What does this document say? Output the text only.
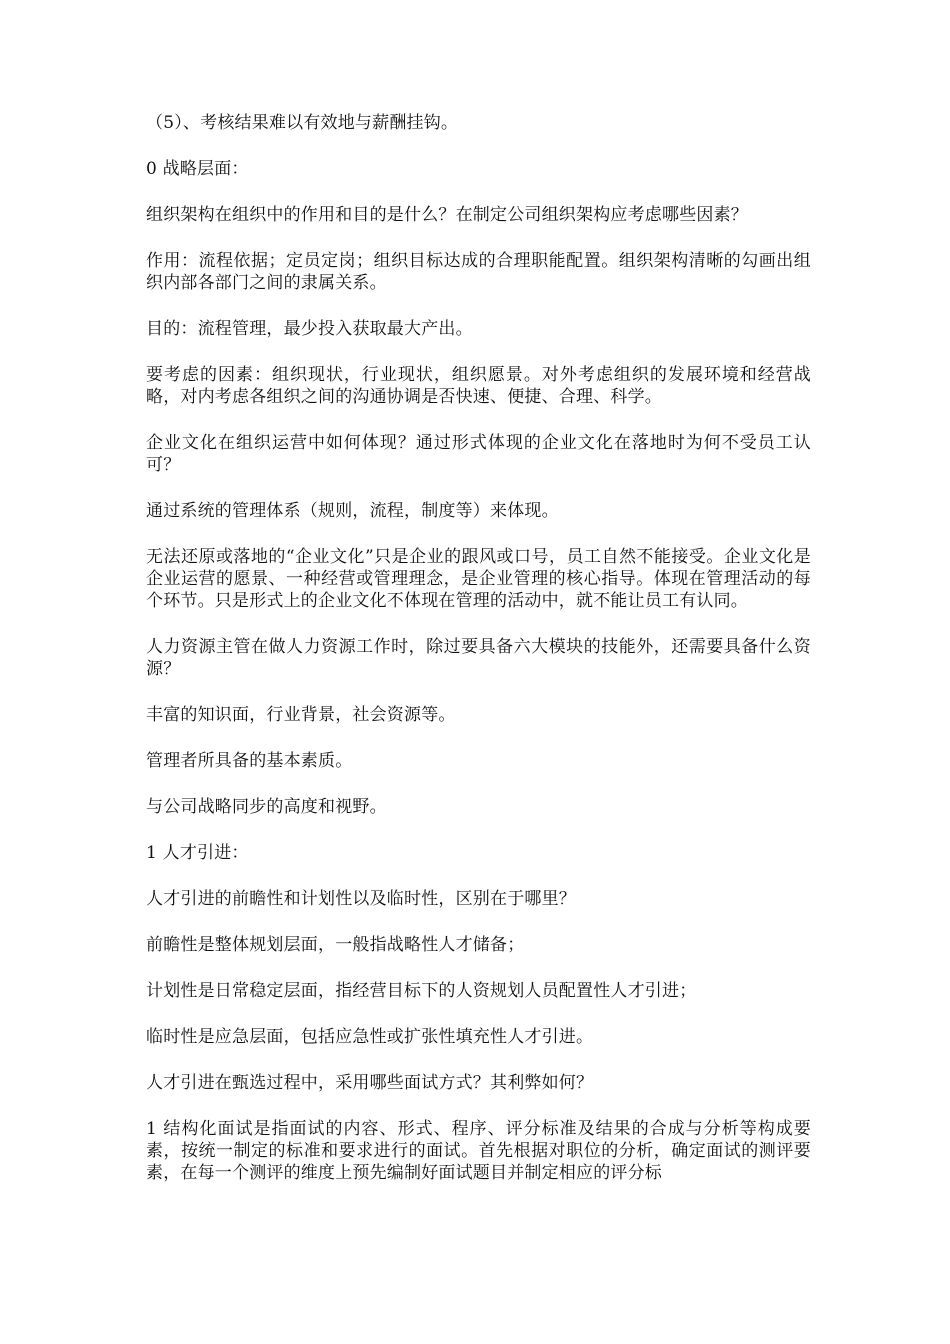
（5）、考核结果难以有效地与薪酬挂钩。

0 战略层面：

组织架构在组织中的作用和目的是什么？在制定公司组织架构应考虑哪些因素？

作用：流程依据；定员定岗；组织目标达成的合理职能配置。组织架构清晰的勾画出组织内部各部门之间的隶属关系。

目的：流程管理，最少投入获取最大产出。

要考虑的因素：组织现状，行业现状，组织愿景。对外考虑组织的发展环境和经营战略，对内考虑各组织之间的沟通协调是否快速、便捷、合理、科学。

企业文化在组织运营中如何体现？通过形式体现的企业文化在落地时为何不受员工认可？

通过系统的管理体系（规则，流程，制度等）来体现。

无法还原或落地的“企业文化”只是企业的跟风或口号，员工自然不能接受。企业文化是企业运营的愿景、一种经营或管理理念，是企业管理的核心指导。体现在管理活动的每个环节。只是形式上的企业文化不体现在管理的活动中，就不能让员工有认同。

人力资源主管在做人力资源工作时，除过要具备六大模块的技能外，还需要具备什么资源？

丰富的知识面，行业背景，社会资源等。

管理者所具备的基本素质。

与公司战略同步的高度和视野。

1 人才引进：

人才引进的前瞻性和计划性以及临时性，区别在于哪里？

前瞻性是整体规划层面，一般指战略性人才储备；

计划性是日常稳定层面，指经营目标下的人资规划人员配置性人才引进；

临时性是应急层面，包括应急性或扩张性填充性人才引进。

人才引进在甄选过程中，采用哪些面试方式？其利弊如何？

1 结构化面试是指面试的内容、形式、程序、评分标准及结果的合成与分析等构成要素，按统一制定的标准和要求进行的面试。首先根据对职位的分析，确定面试的测评要素，在每一个测评的维度上预先编制好面试题目并制定相应的评分标
